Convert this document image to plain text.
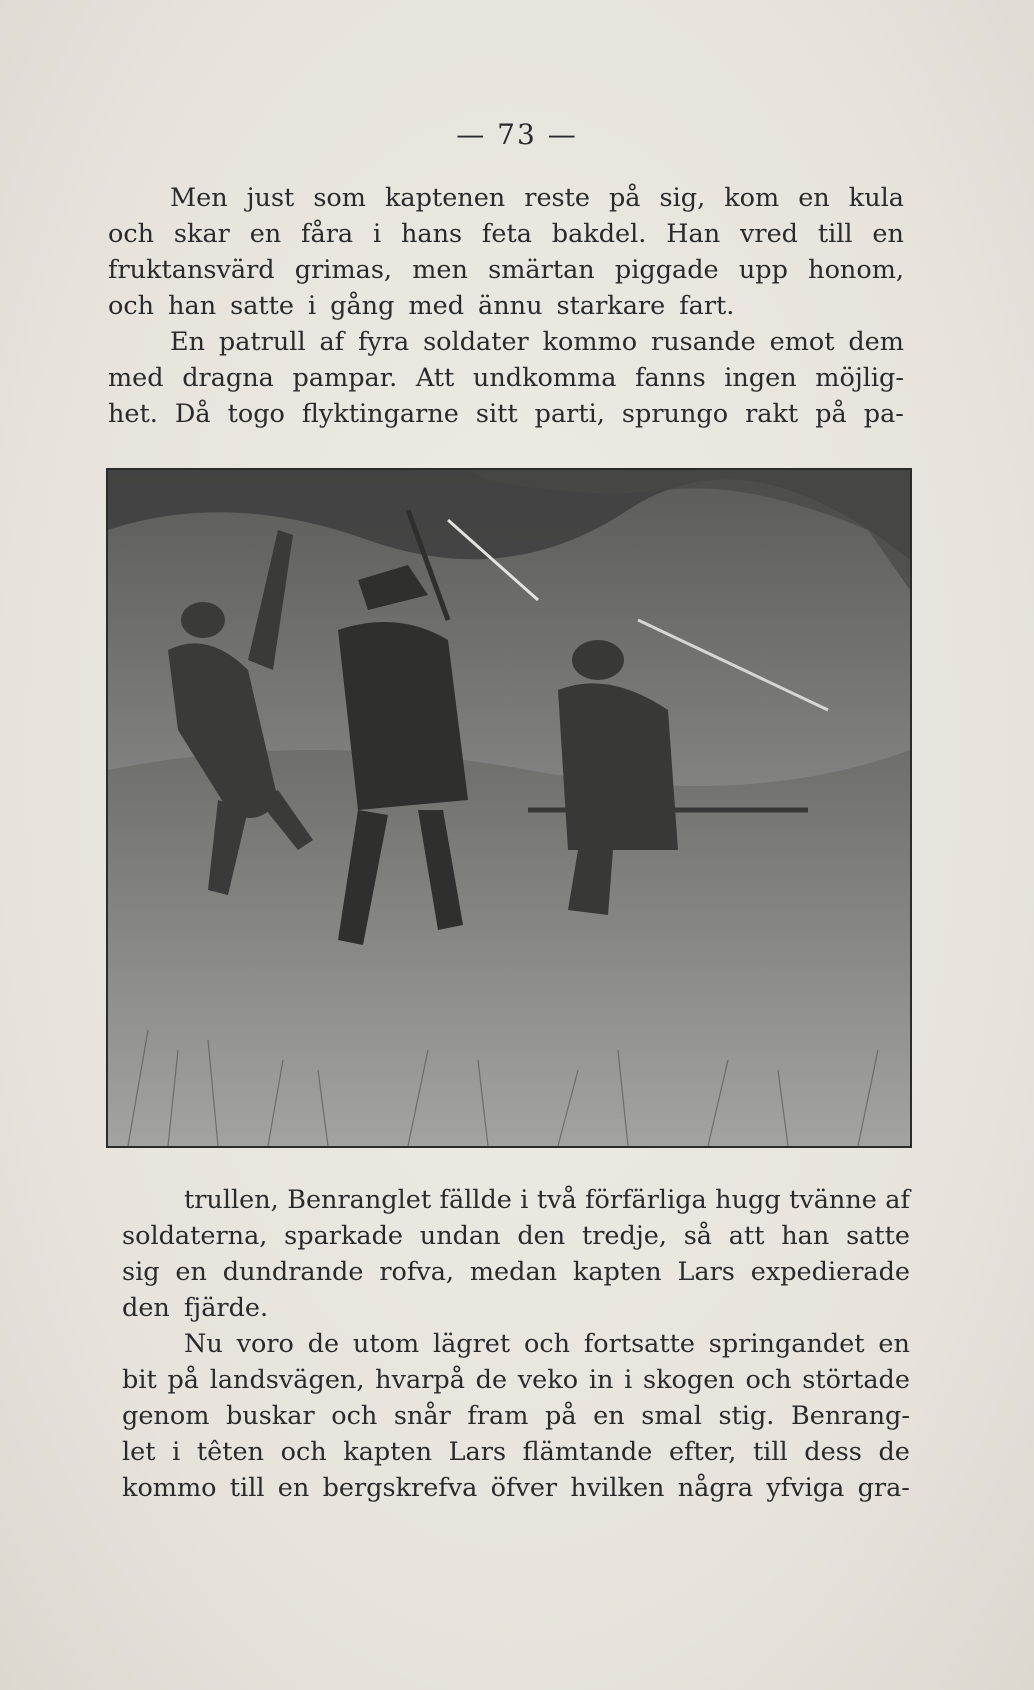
— 73 —
Men just som kaptenen reste på sig, kom en kula
och skar en fåra i hans feta bakdel. Han vred till en
fruktansvärd grimas, men smärtan piggade upp honom,
och han satte i gång med ännu starkare fart.
En patrull af fyra soldater kommo rusande emot dem
med dragna pampar. Att undkomma fanns ingen möjlig-
het. Då togo flyktingarne sitt parti, sprungo rakt på pa-
trullen, Benranglet fällde i två förfärliga hugg tvänne af
soldaterna, sparkade undan den tredje, så att han satte
sig en dundrande rofva, medan kapten Lars expedierade
den fjärde.
Nu voro de utom lägret och fortsatte springandet en
bit på landsvägen, hvarpå de veko in i skogen och störtade
genom buskar och snår fram på en smal stig. Benrang-
let i têten och kapten Lars flämtande efter, till dess de
kommo till en bergskrefva öfver hvilken några yfviga gra-
